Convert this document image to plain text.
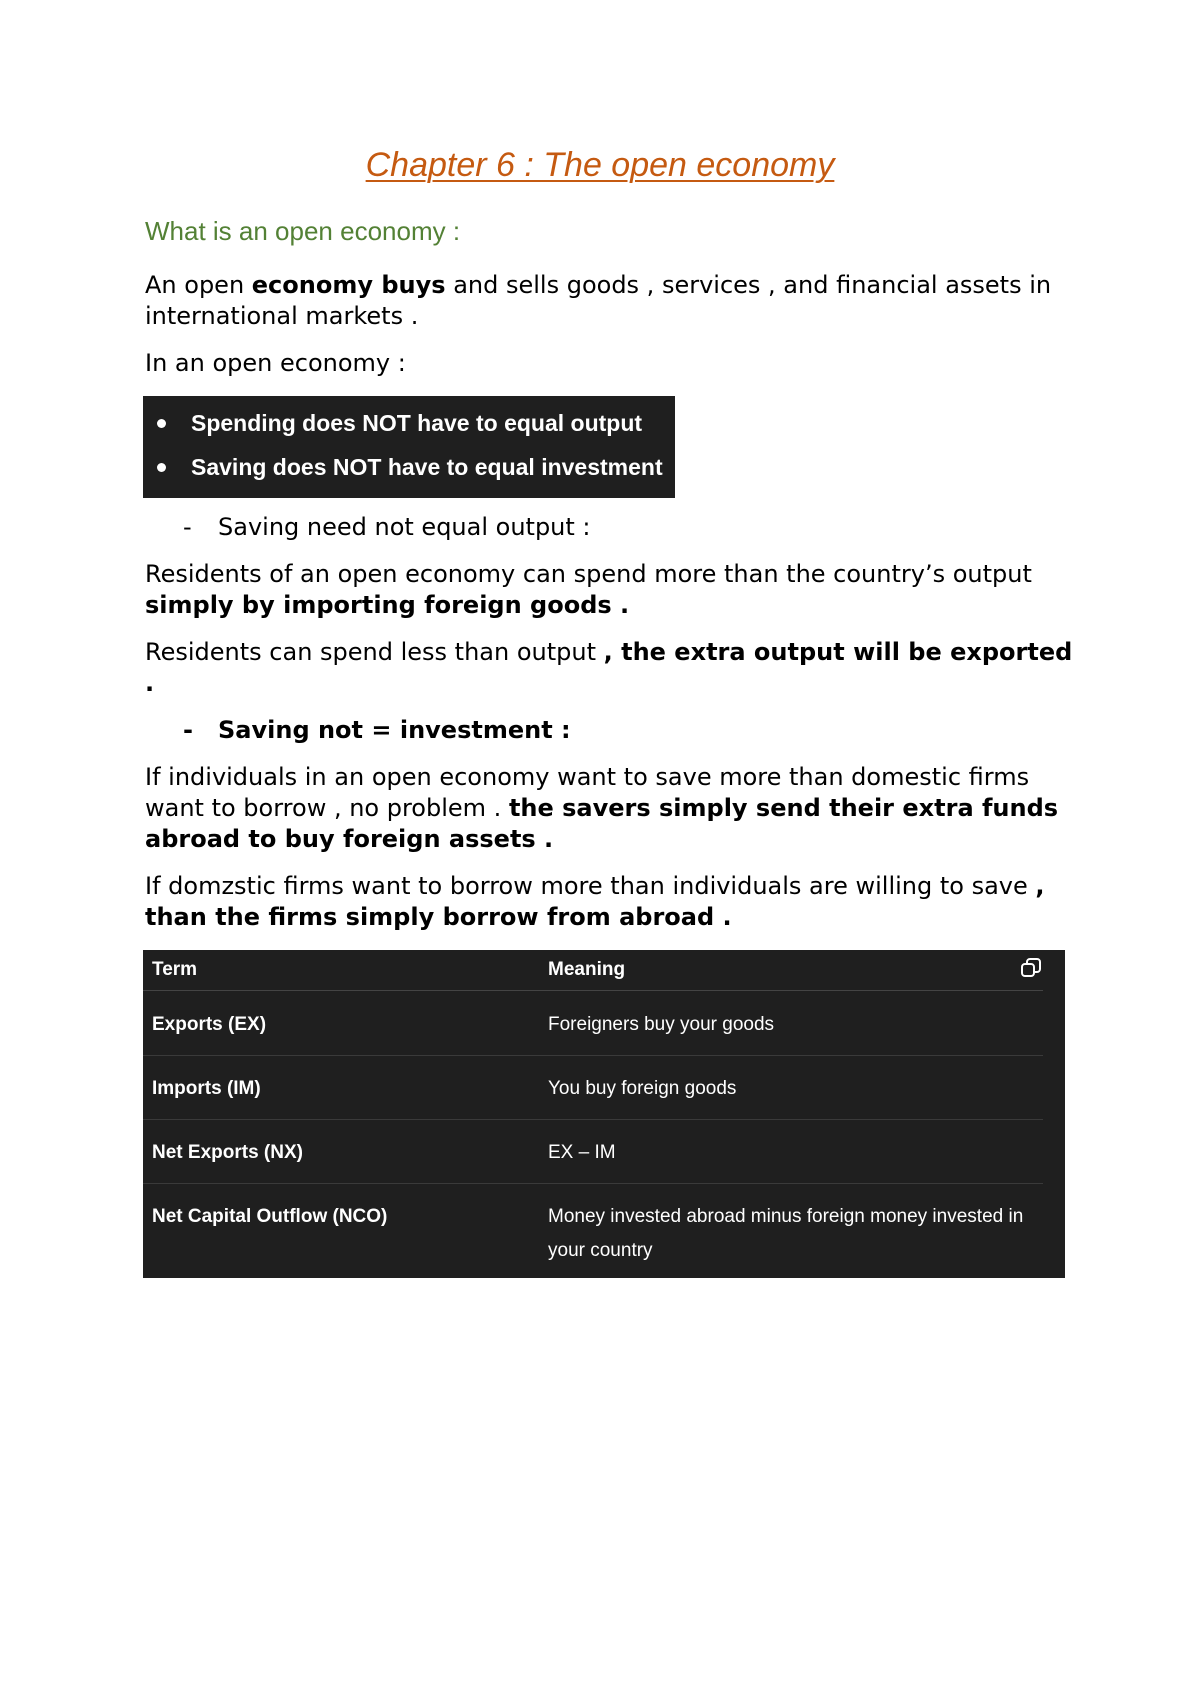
Chapter 6 : The open economy
What is an open economy :

An open economy buys and sells goods , services , and financial assets in international markets .

In an open economy :

Spending does NOT have to equal output
Saving does NOT have to equal investment
-	Saving need not equal output :

Residents of an open economy can spend more than the country’s output simply by importing foreign goods .

Residents can spend less than output , the extra output will be exported .

-	Saving not = investment :

If individuals in an open economy want to save more than domestic firms want to borrow , no problem . the savers simply send their extra funds abroad to buy foreign assets .

If domzstic firms want to borrow more than individuals are willing to save , than the firms simply borrow from abroad .

Term	Meaning
Exports (EX)	Foreigners buy your goods
Imports (IM)	You buy foreign goods
Net Exports (NX)	EX – IM
Net Capital Outflow (NCO)	Money invested abroad minus foreign money invested in
your country
